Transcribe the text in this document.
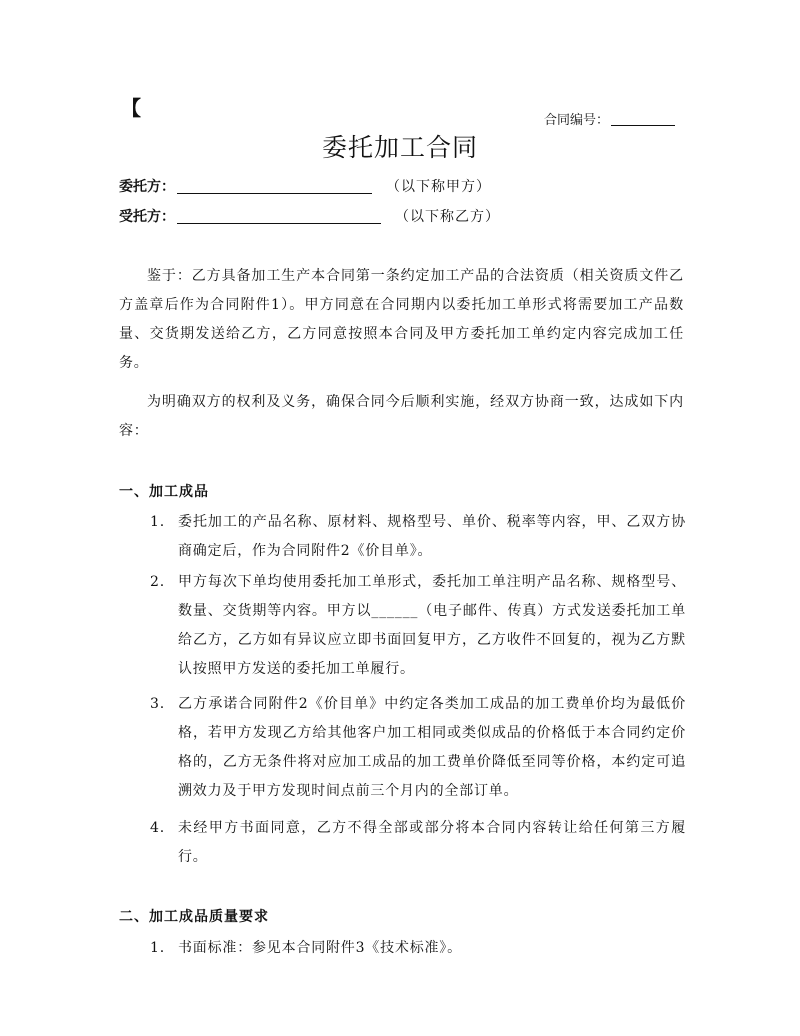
【
合同编号：
委托加工合同
委托方：	（以下称甲方）
受托方：	（以下称乙方）
鉴于：乙方具备加工生产本合同第一条约定加工产品的合法资质（相关资质文件乙方盖章后作为合同附件1）。甲方同意在合同期内以委托加工单形式将需要加工产品数量、交货期发送给乙方，乙方同意按照本合同及甲方委托加工单约定内容完成加工任务。
为明确双方的权利及义务，确保合同今后顺利实施，经双方协商一致，达成如下内容：
一、加工成品
1. 委托加工的产品名称、原材料、规格型号、单价、税率等内容，甲、乙双方协商确定后，作为合同附件2《价目单》。
2. 甲方每次下单均使用委托加工单形式，委托加工单注明产品名称、规格型号、数量、交货期等内容。甲方以______（电子邮件、传真）方式发送委托加工单给乙方，乙方如有异议应立即书面回复甲方，乙方收件不回复的，视为乙方默认按照甲方发送的委托加工单履行。
3. 乙方承诺合同附件2《价目单》中约定各类加工成品的加工费单价均为最低价格，若甲方发现乙方给其他客户加工相同或类似成品的价格低于本合同约定价格的，乙方无条件将对应加工成品的加工费单价降低至同等价格，本约定可追溯效力及于甲方发现时间点前三个月内的全部订单。
4. 未经甲方书面同意，乙方不得全部或部分将本合同内容转让给任何第三方履行。
二、加工成品质量要求
1. 书面标准：参见本合同附件3《技术标准》。
